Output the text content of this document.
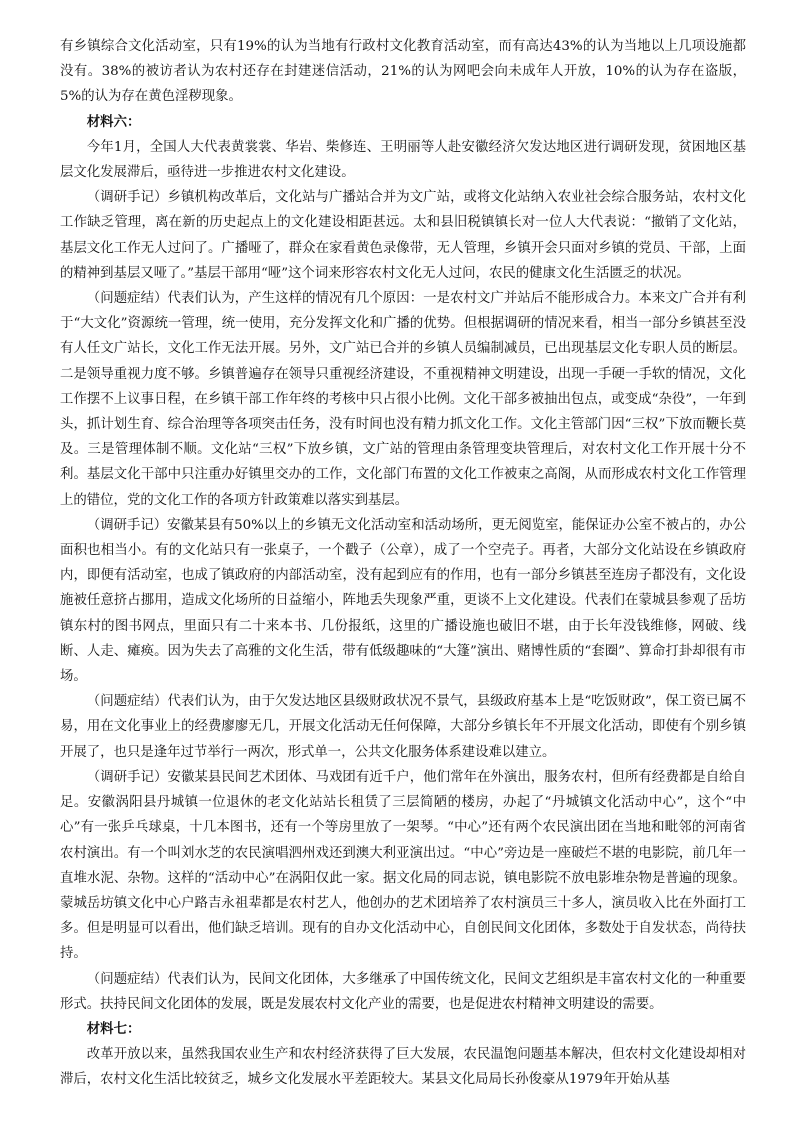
有乡镇综合文化活动室，只有19%的认为当地有行政村文化教育活动室，而有高达43%的认为当地以上几项设施都没有。38%的被访者认为农村还存在封建迷信活动，21%的认为网吧会向未成年人开放，10%的认为存在盗版，5%的认为存在黄色淫秽现象。

材料六：

今年1月，全国人大代表黄裳裳、华岩、柴修连、王明丽等人赴安徽经济欠发达地区进行调研发现，贫困地区基层文化发展滞后，亟待进一步推进农村文化建设。

（调研手记）乡镇机构改革后，文化站与广播站合并为文广站，或将文化站纳入农业社会综合服务站，农村文化工作缺乏管理，离在新的历史起点上的文化建设相距甚远。太和县旧税镇镇长对一位人大代表说：“撤销了文化站，基层文化工作无人过问了。广播哑了，群众在家看黄色录像带，无人管理，乡镇开会只面对乡镇的党员、干部，上面的精神到基层又哑了。”基层干部用“哑”这个词来形容农村文化无人过问，农民的健康文化生活匮乏的状况。

（问题症结）代表们认为，产生这样的情况有几个原因：一是农村文广并站后不能形成合力。本来文广合并有利于“大文化”资源统一管理，统一使用，充分发挥文化和广播的优势。但根据调研的情况来看，相当一部分乡镇甚至没有人任文广站长，文化工作无法开展。另外，文广站已合并的乡镇人员编制减员，已出现基层文化专职人员的断层。二是领导重视力度不够。乡镇普遍存在领导只重视经济建设，不重视精神文明建设，出现一手硬一手软的情况，文化工作摆不上议事日程，在乡镇干部工作年终的考核中只占很小比例。文化干部多被抽出包点，或变成“杂役”，一年到头，抓计划生育、综合治理等各项突击任务，没有时间也没有精力抓文化工作。文化主管部门因“三权”下放而鞭长莫及。三是管理体制不顺。文化站“三权”下放乡镇，文广站的管理由条管理变块管理后，对农村文化工作开展十分不利。基层文化干部中只注重办好镇里交办的工作，文化部门布置的文化工作被束之高阁，从而形成农村文化工作管理上的错位，党的文化工作的各项方针政策难以落实到基层。

（调研手记）安徽某县有50%以上的乡镇无文化活动室和活动场所，更无阅览室，能保证办公室不被占的，办公面积也相当小。有的文化站只有一张桌子，一个戳子（公章），成了一个空壳子。再者，大部分文化站设在乡镇政府内，即便有活动室，也成了镇政府的内部活动室，没有起到应有的作用，也有一部分乡镇甚至连房子都没有，文化设施被任意挤占挪用，造成文化场所的日益缩小，阵地丢失现象严重，更谈不上文化建设。代表们在蒙城县参观了岳坊镇东村的图书网点，里面只有二十来本书、几份报纸，这里的广播设施也破旧不堪，由于长年没钱维修，网破、线断、人走、瘫痪。因为失去了高雅的文化生活，带有低级趣味的“大篷”演出、赌博性质的“套圈”、算命打卦却很有市场。

（问题症结）代表们认为，由于欠发达地区县级财政状况不景气，县级政府基本上是“吃饭财政”，保工资已属不易，用在文化事业上的经费廖廖无几，开展文化活动无任何保障，大部分乡镇长年不开展文化活动，即使有个别乡镇开展了，也只是逢年过节举行一两次，形式单一，公共文化服务体系建设难以建立。

（调研手记）安徽某县民间艺术团体、马戏团有近千户，他们常年在外演出，服务农村，但所有经费都是自给自足。安徽涡阳县丹城镇一位退休的老文化站站长租赁了三层简陋的楼房，办起了“丹城镇文化活动中心”，这个“中心”有一张乒乓球桌，十几本图书，还有一个等房里放了一架琴。“中心”还有两个农民演出团在当地和毗邻的河南省农村演出。有一个叫刘水芝的农民演唱泗州戏还到澳大利亚演出过。“中心”旁边是一座破烂不堪的电影院，前几年一直堆水泥、杂物。这样的“活动中心”在涡阳仅此一家。据文化局的同志说，镇电影院不放电影堆杂物是普遍的现象。蒙城岳坊镇文化中心户路吉永祖辈都是农村艺人，他创办的艺术团培养了农村演员三十多人，演员收入比在外面打工多。但是明显可以看出，他们缺乏培训。现有的自办文化活动中心，自创民间文化团体，多数处于自发状态，尚待扶持。

（问题症结）代表们认为，民间文化团体，大多继承了中国传统文化，民间文艺组织是丰富农村文化的一种重要形式。扶持民间文化团体的发展，既是发展农村文化产业的需要，也是促进农村精神文明建设的需要。

材料七：

改革开放以来，虽然我国农业生产和农村经济获得了巨大发展，农民温饱问题基本解决，但农村文化建设却相对滞后，农村文化生活比较贫乏，城乡文化发展水平差距较大。某县文化局局长孙俊豪从1979年开始从基
